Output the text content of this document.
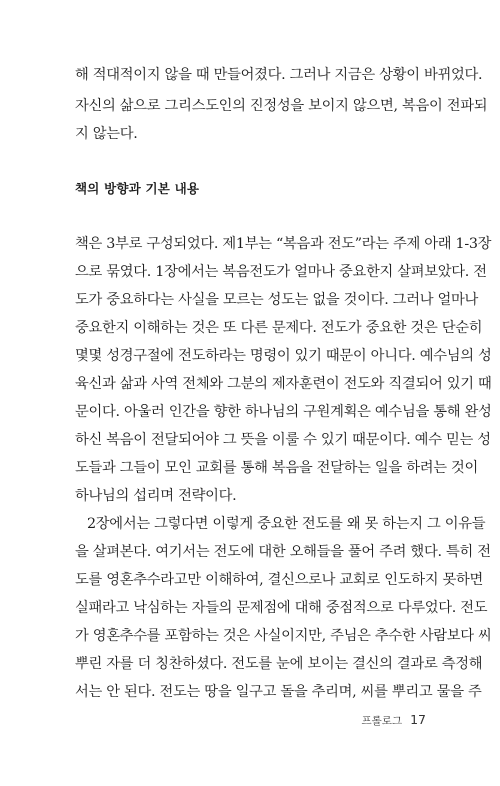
해 적대적이지 않을 때 만들어졌다. 그러나 지금은 상황이 바뀌었다.
자신의 삶으로 그리스도인의 진정성을 보이지 않으면, 복음이 전파되
지 않는다.
책의 방향과 기본 내용
책은 3부로 구성되었다. 제1부는 “복음과 전도”라는 주제 아래 1-3장
으로 묶였다. 1장에서는 복음전도가 얼마나 중요한지 살펴보았다. 전
도가 중요하다는 사실을 모르는 성도는 없을 것이다. 그러나 얼마나
중요한지 이해하는 것은 또 다른 문제다. 전도가 중요한 것은 단순히
몇몇 성경구절에 전도하라는 명령이 있기 때문이 아니다. 예수님의 성
육신과 삶과 사역 전체와 그분의 제자훈련이 전도와 직결되어 있기 때
문이다. 아울러 인간을 향한 하나님의 구원계획은 예수님을 통해 완성
하신 복음이 전달되어야 그 뜻을 이룰 수 있기 때문이다. 예수 믿는 성
도들과 그들이 모인 교회를 통해 복음을 전달하는 일을 하려는 것이
하나님의 섭리며 전략이다.
2장에서는 그렇다면 이렇게 중요한 전도를 왜 못 하는지 그 이유들
을 살펴본다. 여기서는 전도에 대한 오해들을 풀어 주려 했다. 특히 전
도를 영혼추수라고만 이해하여, 결신으로나 교회로 인도하지 못하면
실패라고 낙심하는 자들의 문제점에 대해 중점적으로 다루었다. 전도
가 영혼추수를 포함하는 것은 사실이지만, 주님은 추수한 사람보다 씨
뿌린 자를 더 칭찬하셨다. 전도를 눈에 보이는 결신의 결과로 측정해
서는 안 된다. 전도는 땅을 일구고 돌을 추리며, 씨를 뿌리고 물을 주
프롤로그 17
